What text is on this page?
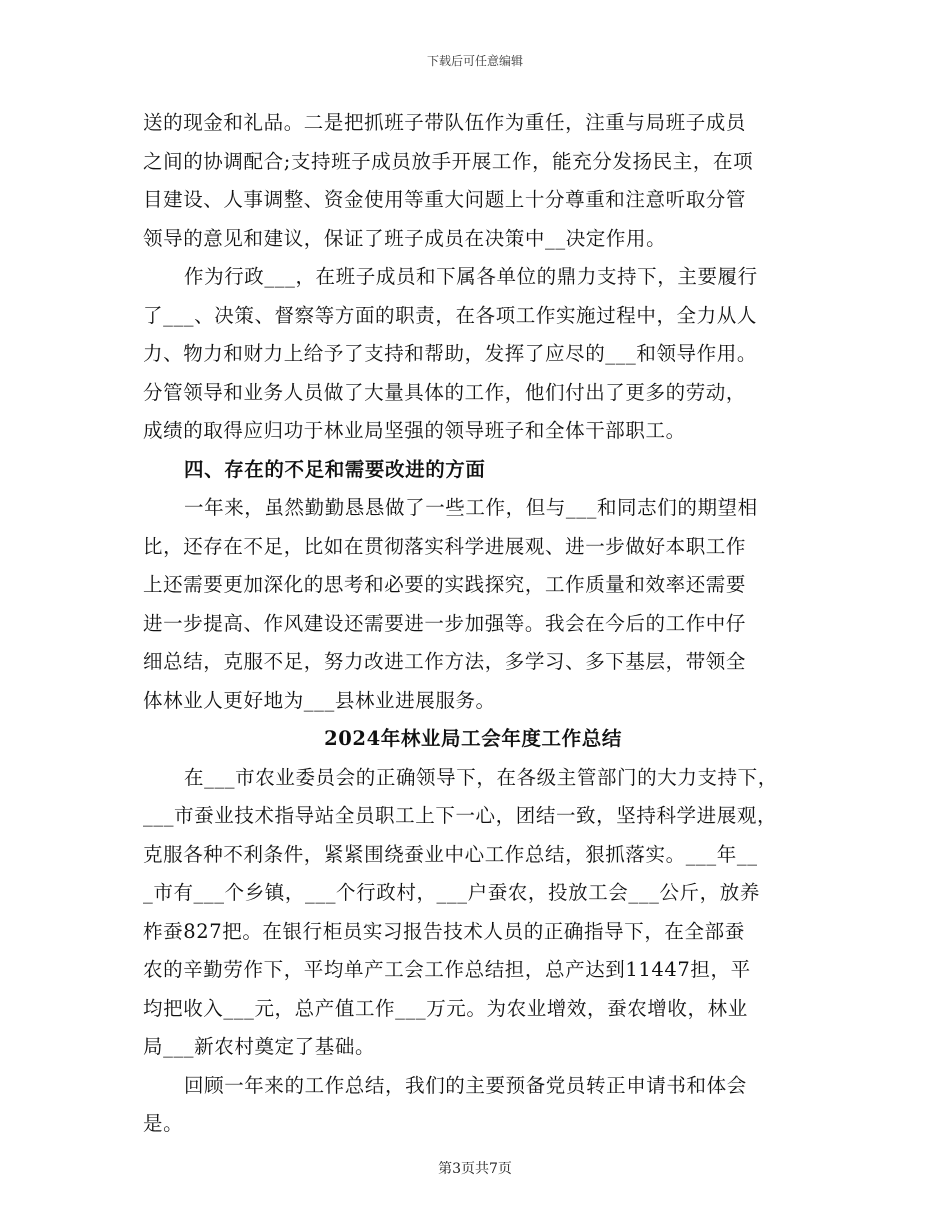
下载后可任意编辑
送的现金和礼品。二是把抓班子带队伍作为重任，注重与局班子成员
之间的协调配合;支持班子成员放手开展工作，能充分发扬民主，在项
目建设、人事调整、资金使用等重大问题上十分尊重和注意听取分管
领导的意见和建议，保证了班子成员在决策中__决定作用。
作为行政___，在班子成员和下属各单位的鼎力支持下，主要履行
了___、决策、督察等方面的职责，在各项工作实施过程中，全力从人
力、物力和财力上给予了支持和帮助，发挥了应尽的___和领导作用。
分管领导和业务人员做了大量具体的工作，他们付出了更多的劳动，
成绩的取得应归功于林业局坚强的领导班子和全体干部职工。
四、存在的不足和需要改进的方面
一年来，虽然勤勤恳恳做了一些工作，但与___和同志们的期望相
比，还存在不足，比如在贯彻落实科学进展观、进一步做好本职工作
上还需要更加深化的思考和必要的实践探究，工作质量和效率还需要
进一步提高、作风建设还需要进一步加强等。我会在今后的工作中仔
细总结，克服不足，努力改进工作方法，多学习、多下基层，带领全
体林业人更好地为___县林业进展服务。
2024年林业局工会年度工作总结
在___市农业委员会的正确领导下，在各级主管部门的大力支持下，
___市蚕业技术指导站全员职工上下一心，团结一致，坚持科学进展观，
克服各种不利条件，紧紧围绕蚕业中心工作总结，狠抓落实。___年__
_市有___个乡镇，___个行政村，___户蚕农，投放工会___公斤，放养
柞蚕827把。在银行柜员实习报告技术人员的正确指导下，在全部蚕
农的辛勤劳作下，平均单产工会工作总结担，总产达到11447担，平
均把收入___元，总产值工作___万元。为农业增效，蚕农增收，林业
局___新农村奠定了基础。
回顾一年来的工作总结，我们的主要预备党员转正申请书和体会
是。
第3页共7页
